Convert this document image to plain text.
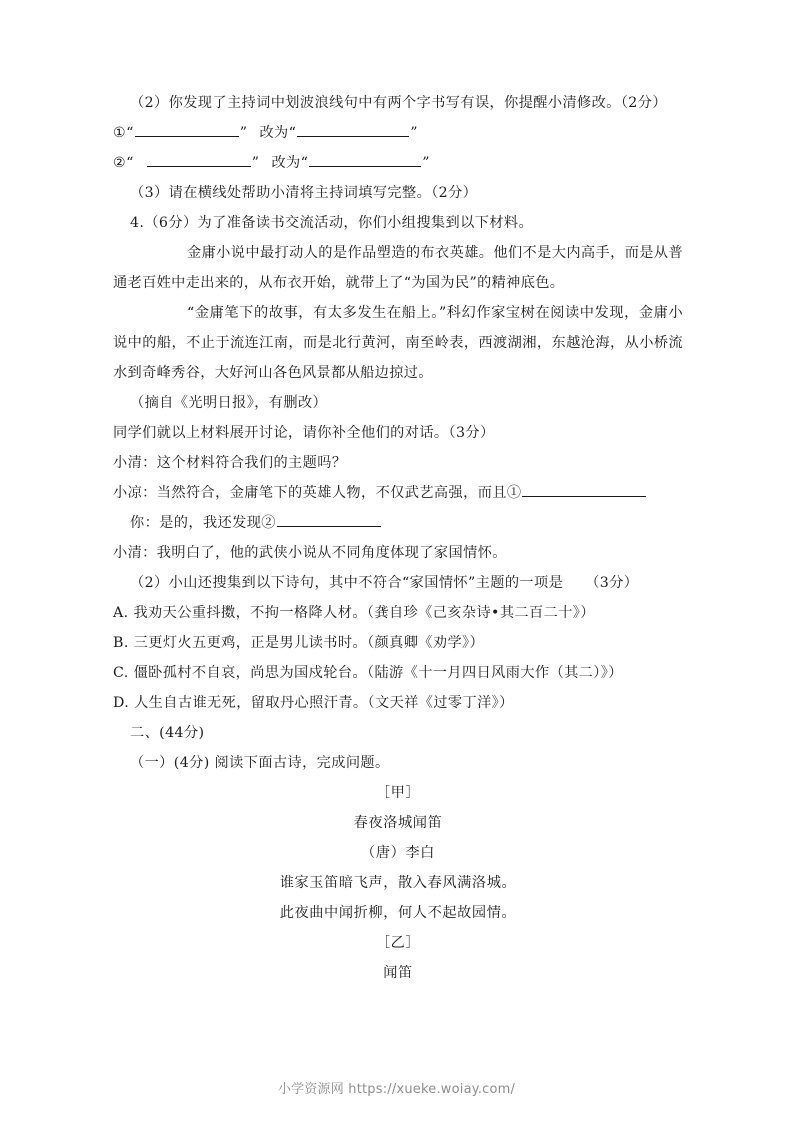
（2）你发现了主持词中划波浪线句中有两个字书写有误，你提醒小清修改。（2分）
①“	” 改为“	”
②“	” 改为“	”
（3）请在横线处帮助小清将主持词填写完整。（2分）
4.（6分）为了准备读书交流活动，你们小组搜集到以下材料。
金庸小说中最打动人的是作品塑造的布衣英雄。他们不是大内高手，而是从普通老百姓中走出来的，从布衣开始，就带上了“为国为民”的精神底色。
“金庸笔下的故事，有太多发生在船上。”科幻作家宝树在阅读中发现，金庸小说中的船，不止于流连江南，而是北行黄河，南至岭表，西渡湖湘，东越沧海，从小桥流水到奇峰秀谷，大好河山各色风景都从船边掠过。
（摘自《光明日报》，有删改）
同学们就以上材料展开讨论，请你补全他们的对话。（3分）
小清：这个材料符合我们的主题吗？
小凉：当然符合，金庸笔下的英雄人物，不仅武艺高强，而且①
你：是的，我还发现②
小清：我明白了，他的武侠小说从不同角度体现了家国情怀。
（2）小山还搜集到以下诗句，其中不符合“家国情怀”主题的一项是 （3分）
A. 我劝天公重抖擞，不拘一格降人材。（龚自珍《己亥杂诗•其二百二十》）
B. 三更灯火五更鸡，正是男儿读书时。（颜真卿《劝学》）
C. 僵卧孤村不自哀，尚思为国戍轮台。（陆游《十一月四日风雨大作（其二）》）
D. 人生自古谁无死，留取丹心照汗青。（文天祥《过零丁洋》）
二、(44分)
（一）(4分) 阅读下面古诗，完成问题。
［甲］
春夜洛城闻笛
（唐）李白
谁家玉笛暗飞声，散入春风满洛城。
此夜曲中闻折柳，何人不起故园情。
［乙］
闻笛
小学资源网 https://xueke.woiay.com/
